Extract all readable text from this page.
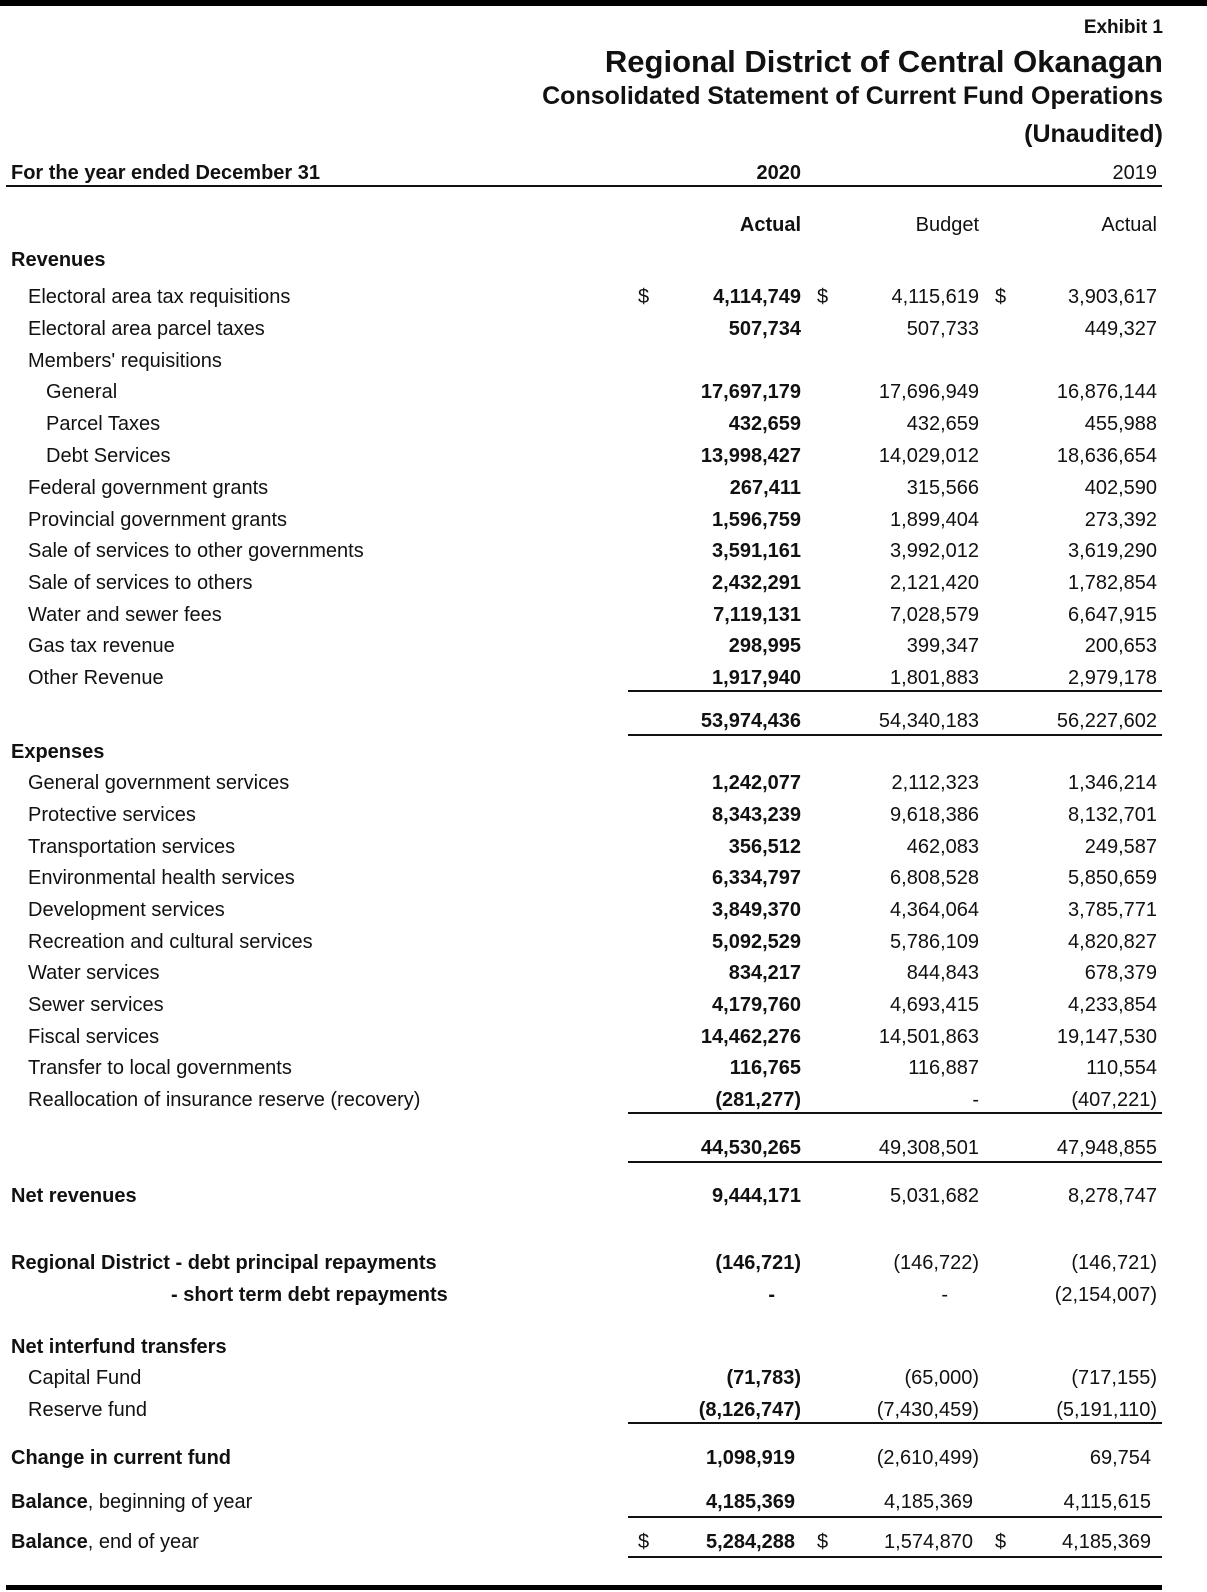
Exhibit 1
Regional District of Central Okanagan
Consolidated Statement of Current Fund Operations
(Unaudited)
For the year ended December 31	2020	2019
Actual	Budget	Actual
Revenues
Electoral area tax requisitions	4,114,749	4,115,619	3,903,617
Electoral area parcel taxes	507,734	507,733	449,327
Members' requisitions
General	17,697,179	17,696,949	16,876,144
Parcel Taxes	432,659	432,659	455,988
Debt Services	13,998,427	14,029,012	18,636,654
Federal government grants	267,411	315,566	402,590
Provincial government grants	1,596,759	1,899,404	273,392
Sale of services to other governments	3,591,161	3,992,012	3,619,290
Sale of services to others	2,432,291	2,121,420	1,782,854
Water and sewer fees	7,119,131	7,028,579	6,647,915
Gas tax revenue	298,995	399,347	200,653
Other Revenue	1,917,940	1,801,883	2,979,178
53,974,436	54,340,183	56,227,602
Expenses
General government services	1,242,077	2,112,323	1,346,214
Protective services	8,343,239	9,618,386	8,132,701
Transportation services	356,512	462,083	249,587
Environmental health services	6,334,797	6,808,528	5,850,659
Development services	3,849,370	4,364,064	3,785,771
Recreation and cultural services	5,092,529	5,786,109	4,820,827
Water services	834,217	844,843	678,379
Sewer services	4,179,760	4,693,415	4,233,854
Fiscal services	14,462,276	14,501,863	19,147,530
Transfer to local governments	116,765	116,887	110,554
Reallocation of insurance reserve (recovery)	(281,277)	-	(407,221)
44,530,265	49,308,501	47,948,855
Net revenues	9,444,171	5,031,682	8,278,747
Regional District - debt principal repayments	(146,721)	(146,722)	(146,721)
- short term debt repayments	-	-	(2,154,007)
Net interfund transfers
Capital Fund	(71,783)	(65,000)	(717,155)
Reserve fund	(8,126,747)	(7,430,459)	(5,191,110)
Change in current fund	1,098,919	(2,610,499)	69,754
Balance, beginning of year	4,185,369	4,185,369	4,115,615
Balance, end of year	5,284,288	1,574,870	4,185,369
$	$	$
$	$	$
